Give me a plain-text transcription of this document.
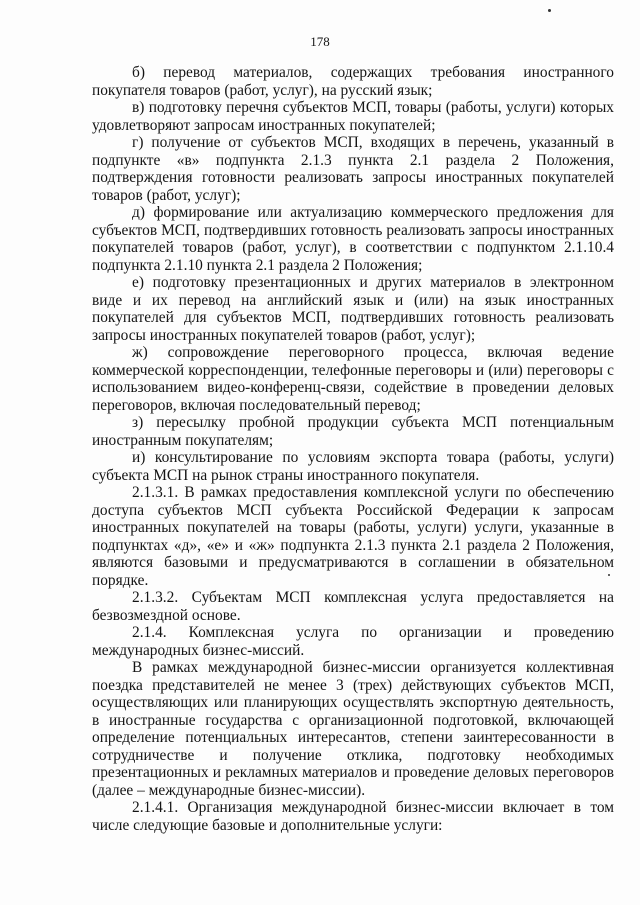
178

б) перевод материалов, содержащих требования иностранного покупателя товаров (работ, услуг), на русский язык;

в) подготовку перечня субъектов МСП, товары (работы, услуги) которых удовлетворяют запросам иностранных покупателей;

г) получение от субъектов МСП, входящих в перечень, указанный в подпункте «в» подпункта 2.1.3 пункта 2.1 раздела 2 Положения, подтверждения готовности реализовать запросы иностранных покупателей товаров (работ, услуг);

д) формирование или актуализацию коммерческого предложения для субъектов МСП, подтвердивших готовность реализовать запросы иностранных покупателей товаров (работ, услуг), в соответствии с подпунктом 2.1.10.4 подпункта 2.1.10 пункта 2.1 раздела 2 Положения;

е) подготовку презентационных и других материалов в электронном виде и их перевод на английский язык и (или) на язык иностранных покупателей для субъектов МСП, подтвердивших готовность реализовать запросы иностранных покупателей товаров (работ, услуг);

ж) сопровождение переговорного процесса, включая ведение коммерческой корреспонденции, телефонные переговоры и (или) переговоры с использованием видео-конференц-связи, содействие в проведении деловых переговоров, включая последовательный перевод;

з) пересылку пробной продукции субъекта МСП потенциальным иностранным покупателям;

и) консультирование по условиям экспорта товара (работы, услуги) субъекта МСП на рынок страны иностранного покупателя.

2.1.3.1. В рамках предоставления комплексной услуги по обеспечению доступа субъектов МСП субъекта Российской Федерации к запросам иностранных покупателей на товары (работы, услуги) услуги, указанные в подпунктах «д», «е» и «ж» подпункта 2.1.3 пункта 2.1 раздела 2 Положения, являются базовыми и предусматриваются в соглашении в обязательном порядке.

2.1.3.2. Субъектам МСП комплексная услуга предоставляется на безвозмездной основе.

2.1.4. Комплексная услуга по организации и проведению международных бизнес-миссий.

В рамках международной бизнес-миссии организуется коллективная поездка представителей не менее 3 (трех) действующих субъектов МСП, осуществляющих или планирующих осуществлять экспортную деятельность, в иностранные государства с организационной подготовкой, включающей определение потенциальных интересантов, степени заинтересованности в сотрудничестве и получение отклика, подготовку необходимых презентационных и рекламных материалов и проведение деловых переговоров (далее – международные бизнес-миссии).

2.1.4.1. Организация международной бизнес-миссии включает в том числе следующие базовые и дополнительные услуги:
